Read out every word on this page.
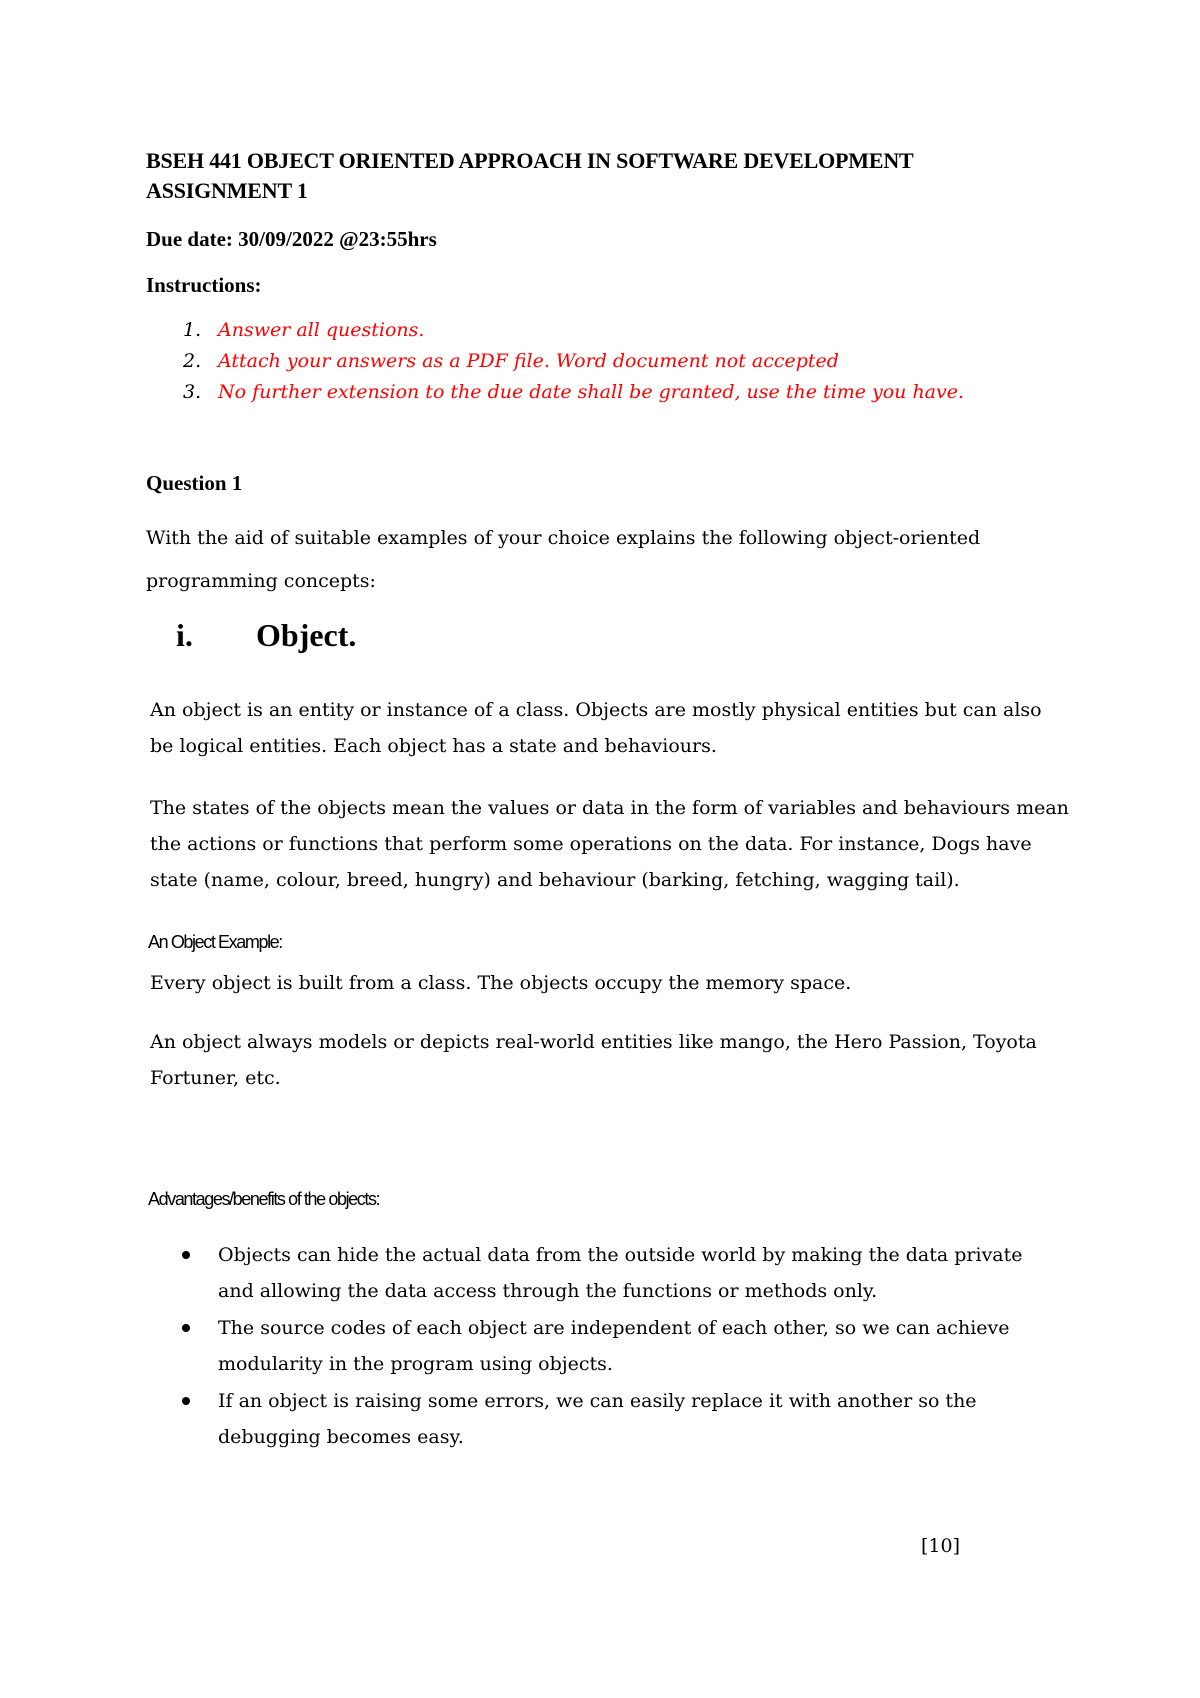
BSEH 441 OBJECT ORIENTED APPROACH IN SOFTWARE DEVELOPMENT ASSIGNMENT 1

Due date: 30/09/2022 @23:55hrs

Instructions:

1. Answer all questions.
2. Attach your answers as a PDF file. Word document not accepted
3. No further extension to the due date shall be granted, use the time you have.

Question 1

With the aid of suitable examples of your choice explains the following object-oriented programming concepts:

i. Object.

An object is an entity or instance of a class. Objects are mostly physical entities but can also be logical entities. Each object has a state and behaviours.

The states of the objects mean the values or data in the form of variables and behaviours mean the actions or functions that perform some operations on the data. For instance, Dogs have state (name, colour, breed, hungry) and behaviour (barking, fetching, wagging tail).

An Object Example:

Every object is built from a class. The objects occupy the memory space.

An object always models or depicts real-world entities like mango, the Hero Passion, Toyota Fortuner, etc.

Advantages/benefits of the objects:

Objects can hide the actual data from the outside world by making the data private and allowing the data access through the functions or methods only.
The source codes of each object are independent of each other, so we can achieve modularity in the program using objects.
If an object is raising some errors, we can easily replace it with another so the debugging becomes easy.

[10]
